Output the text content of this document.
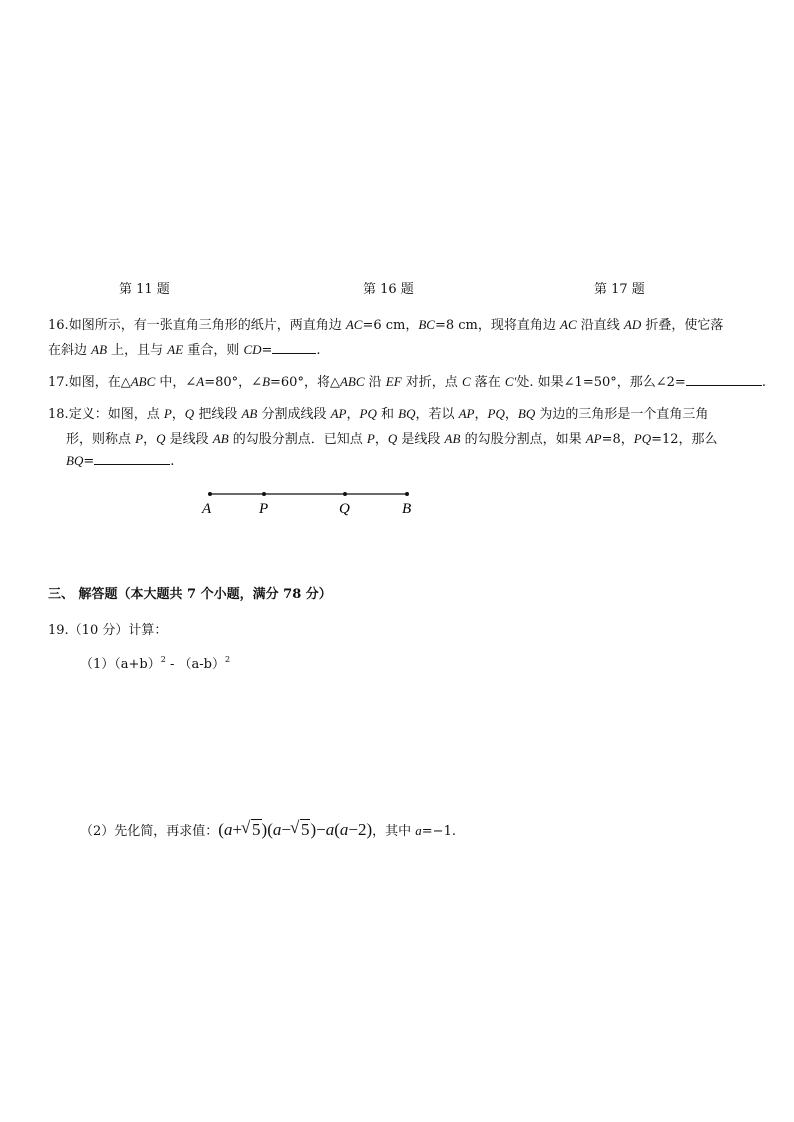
第 11 题	第 16 题	第 17 题
16.如图所示，有一张直角三角形的纸片，两直角边 AC=6 cm，BC=8 cm，现将直角边 AC 沿直线 AD 折叠，使它落
在斜边 AB 上，且与 AE 重合，则 CD=	.
17.如图，在△ABC 中，∠A=80°，∠B=60°，将△ABC 沿 EF 对折，点 C 落在 C′处. 如果∠1=50°，那么∠2=	.
18.定义：如图，点 P，Q 把线段 AB 分割成线段 AP，PQ 和 BQ，若以 AP，PQ，BQ 为边的三角形是一个直角三角
形，则称点 P，Q 是线段 AB 的勾股分割点．已知点 P，Q 是线段 AB 的勾股分割点，如果 AP=8，PQ=12，那么
BQ=	.
A	P	Q	B
三、 解答题（本大题共 7 个小题，满分 78 分）
19.（10 分）计算：
$(1)(a+b)^2 - (a-b)^2$
（2）先化简，再求值：(a+ √ 5)(a− √ 5)−a(a−2)，其中 a=−1.
